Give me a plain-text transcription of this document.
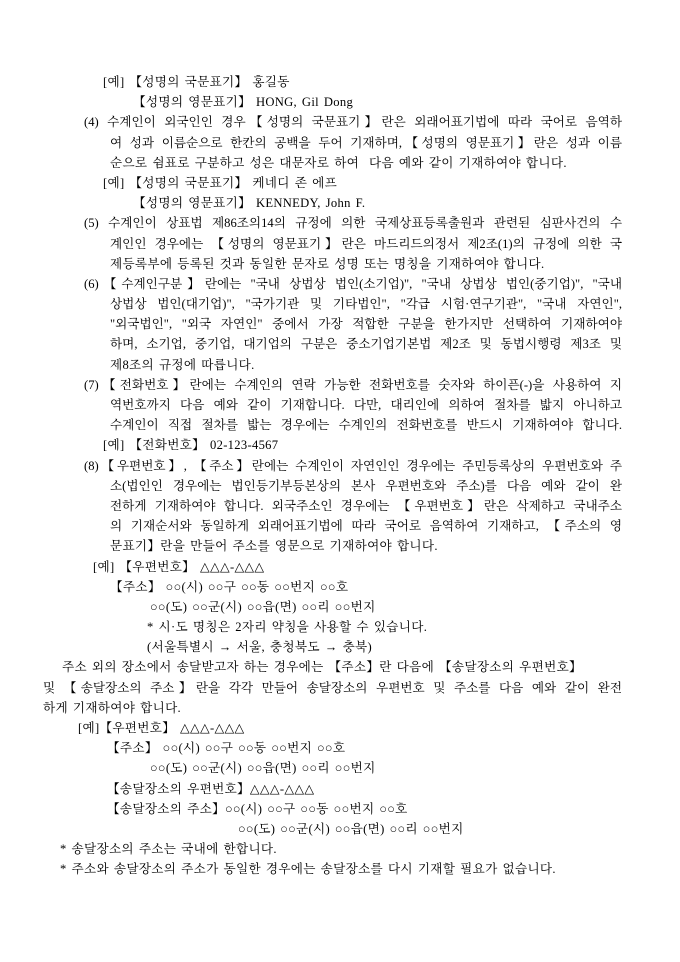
[예] 【성명의 국문표기】 홍길동
【성명의 영문표기】 HONG, Gil Dong
(4) 수계인이 외국인인 경우【성명의 국문표기】란은 외래어표기법에 따라 국어로 음역하
여 성과 이름순으로 한칸의 공백을 두어 기재하며,【성명의 영문표기】란은 성과 이름
순으로 쉼표로 구분하고 성은 대문자로 하여  다음 예와 같이 기재하여야 합니다.
[예] 【성명의 국문표기】 케네디 존 에프
【성명의 영문표기】 KENNEDY, John F.
(5) 수계인이 상표법 제86조의14의 규정에 의한 국제상표등록출원과 관련된 심판사건의 수
계인인 경우에는 【성명의 영문표기】란은 마드리드의정서 제2조(1)의 규정에 의한 국
제등록부에 등록된 것과 동일한 문자로 성명 또는 명칭을 기재하여야 합니다.
(6)【수계인구분】란에는 "국내 상법상 법인(소기업)", "국내 상법상 법인(중기업)", "국내
상법상 법인(대기업)", "국가기관 및 기타법인", "각급 시험·연구기관", "국내 자연인",
"외국법인", "외국 자연인" 중에서 가장 적합한 구분을 한가지만 선택하여 기재하여야
하며, 소기업, 중기업, 대기업의 구분은 중소기업기본법 제2조 및 동법시행령 제3조 및
제8조의 규정에 따릅니다.
(7)【전화번호】란에는 수계인의 연락 가능한 전화번호를 숫자와 하이픈(-)을 사용하여 지
역번호까지 다음 예와 같이 기재합니다. 다만, 대리인에 의하여 절차를 밟지 아니하고
수계인이 직접 절차를 밟는 경우에는 수계인의 전화번호를 반드시 기재하여야 합니다.
[예] 【전화번호】 02-123-4567
(8)【우편번호】, 【주소】란에는 수계인이 자연인인 경우에는 주민등록상의 우편번호와 주
소(법인인 경우에는 법인등기부등본상의 본사 우편번호와 주소)를 다음 예와 같이 완
전하게 기재하여야 합니다. 외국주소인 경우에는 【우편번호】란은 삭제하고 국내주소
의 기재순서와 동일하게 외래어표기법에 따라 국어로 음역하여 기재하고, 【주소의 영
문표기】란을 만들어 주소를 영문으로 기재하여야 합니다.
[예] 【우편번호】 △△△-△△△
【주소】 ○○(시) ○○구 ○○동 ○○번지 ○○호
○○(도) ○○군(시) ○○읍(면) ○○리 ○○번지
* 시·도 명칭은 2자리 약칭을 사용할 수 있습니다.
(서울특별시 → 서울, 충청북도 → 충북)
주소 외의 장소에서 송달받고자 하는 경우에는 【주소】란 다음에 【송달장소의 우편번호】
및 【송달장소의 주소】란을 각각 만들어 송달장소의 우편번호 및 주소를 다음 예와 같이 완전
하게 기재하여야 합니다.
[예]【우편번호】 △△△-△△△
【주소】 ○○(시) ○○구 ○○동 ○○번지 ○○호
○○(도) ○○군(시) ○○읍(면) ○○리 ○○번지
【송달장소의 우편번호】△△△-△△△
【송달장소의 주소】○○(시) ○○구 ○○동 ○○번지 ○○호
○○(도) ○○군(시) ○○읍(면) ○○리 ○○번지
* 송달장소의 주소는 국내에 한합니다.
* 주소와 송달장소의 주소가 동일한 경우에는 송달장소를 다시 기재할 필요가 없습니다.
